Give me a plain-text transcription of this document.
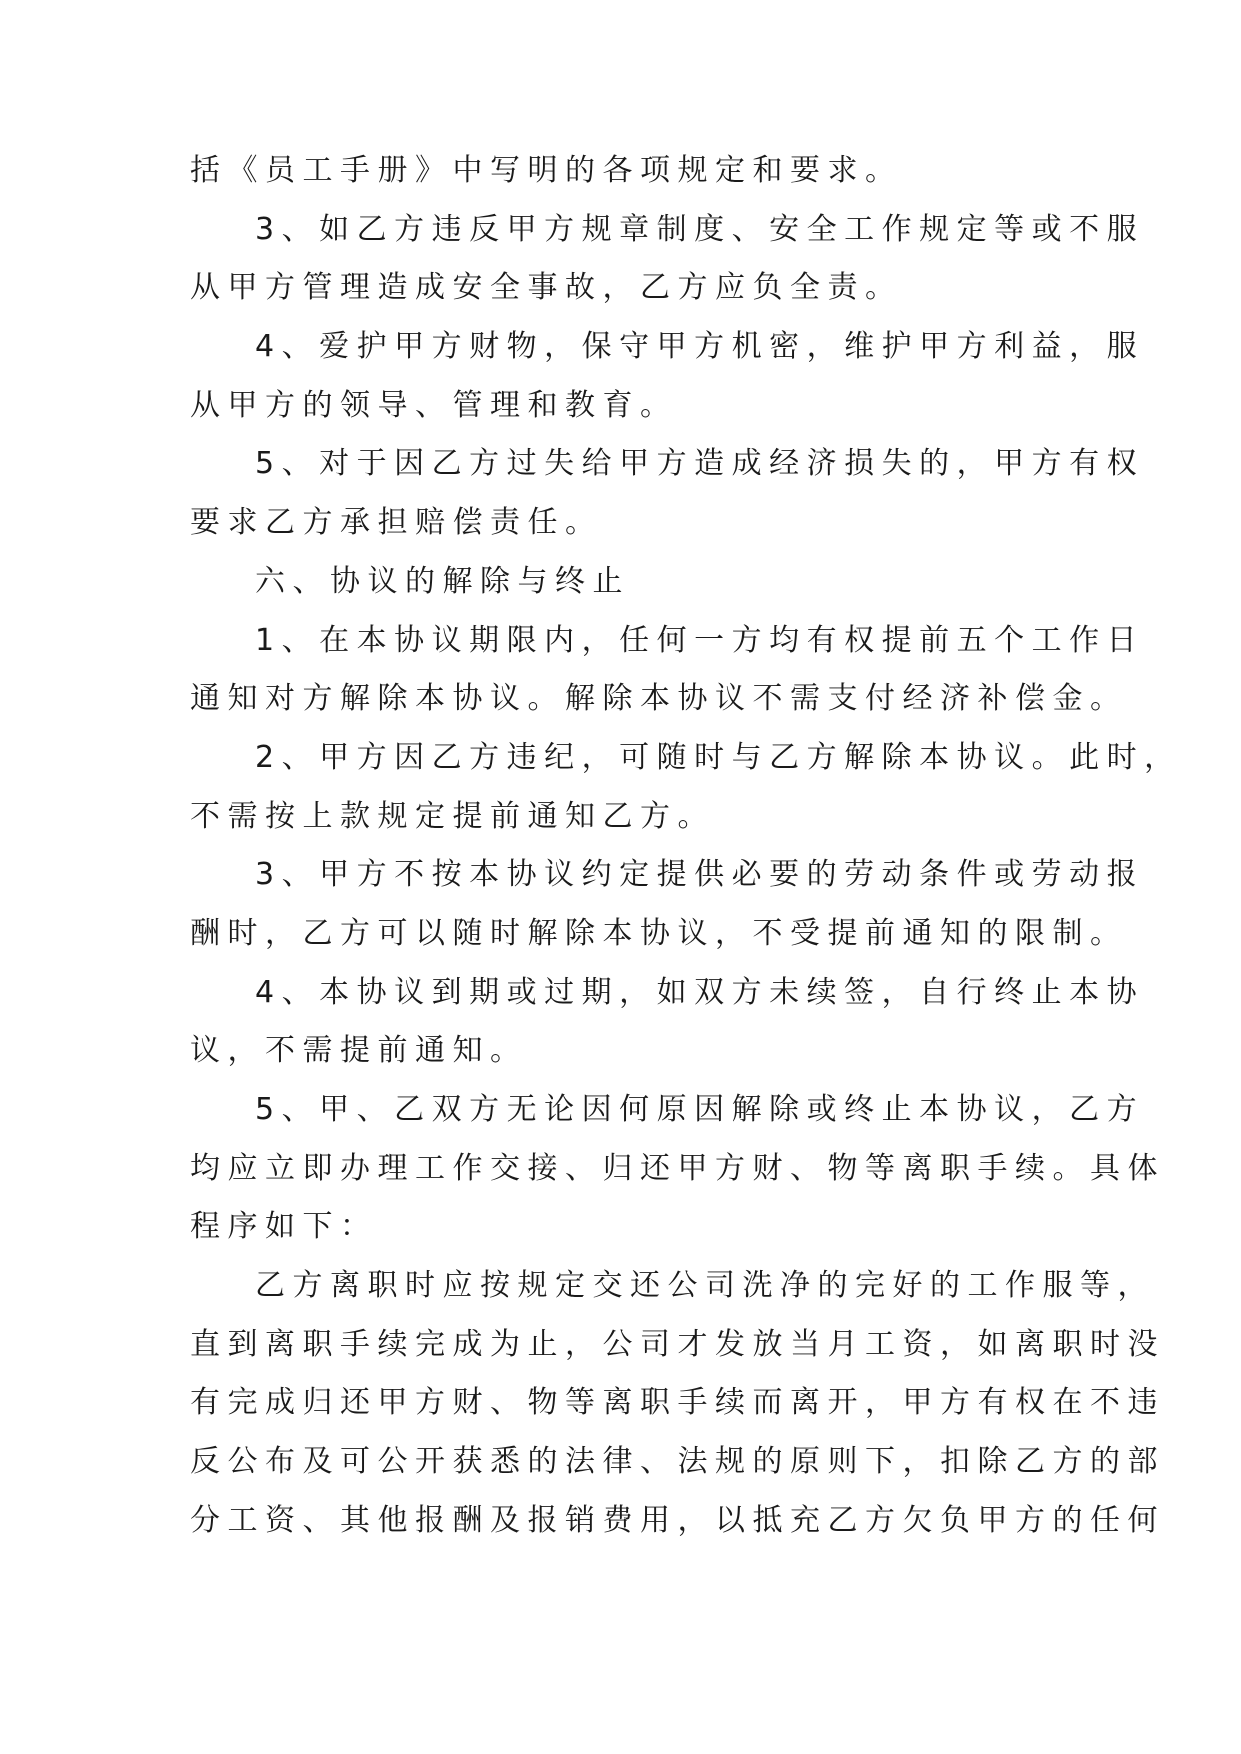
括《员工手册》中写明的各项规定和要求。
3、如乙方违反甲方规章制度、安全工作规定等或不服
从甲方管理造成安全事故，乙方应负全责。
4、爱护甲方财物，保守甲方机密，维护甲方利益，服
从甲方的领导、管理和教育。
5、对于因乙方过失给甲方造成经济损失的，甲方有权
要求乙方承担赔偿责任。
六、协议的解除与终止
1、在本协议期限内，任何一方均有权提前五个工作日
通知对方解除本协议。解除本协议不需支付经济补偿金。
2、甲方因乙方违纪，可随时与乙方解除本协议。此时，
不需按上款规定提前通知乙方。
3、甲方不按本协议约定提供必要的劳动条件或劳动报
酬时，乙方可以随时解除本协议，不受提前通知的限制。
4、本协议到期或过期，如双方未续签，自行终止本协
议，不需提前通知。
5、甲、乙双方无论因何原因解除或终止本协议，乙方
均应立即办理工作交接、归还甲方财、物等离职手续。具体
程序如下：
乙方离职时应按规定交还公司洗净的完好的工作服等，
直到离职手续完成为止，公司才发放当月工资，如离职时没
有完成归还甲方财、物等离职手续而离开，甲方有权在不违
反公布及可公开获悉的法律、法规的原则下，扣除乙方的部
分工资、其他报酬及报销费用，以抵充乙方欠负甲方的任何
